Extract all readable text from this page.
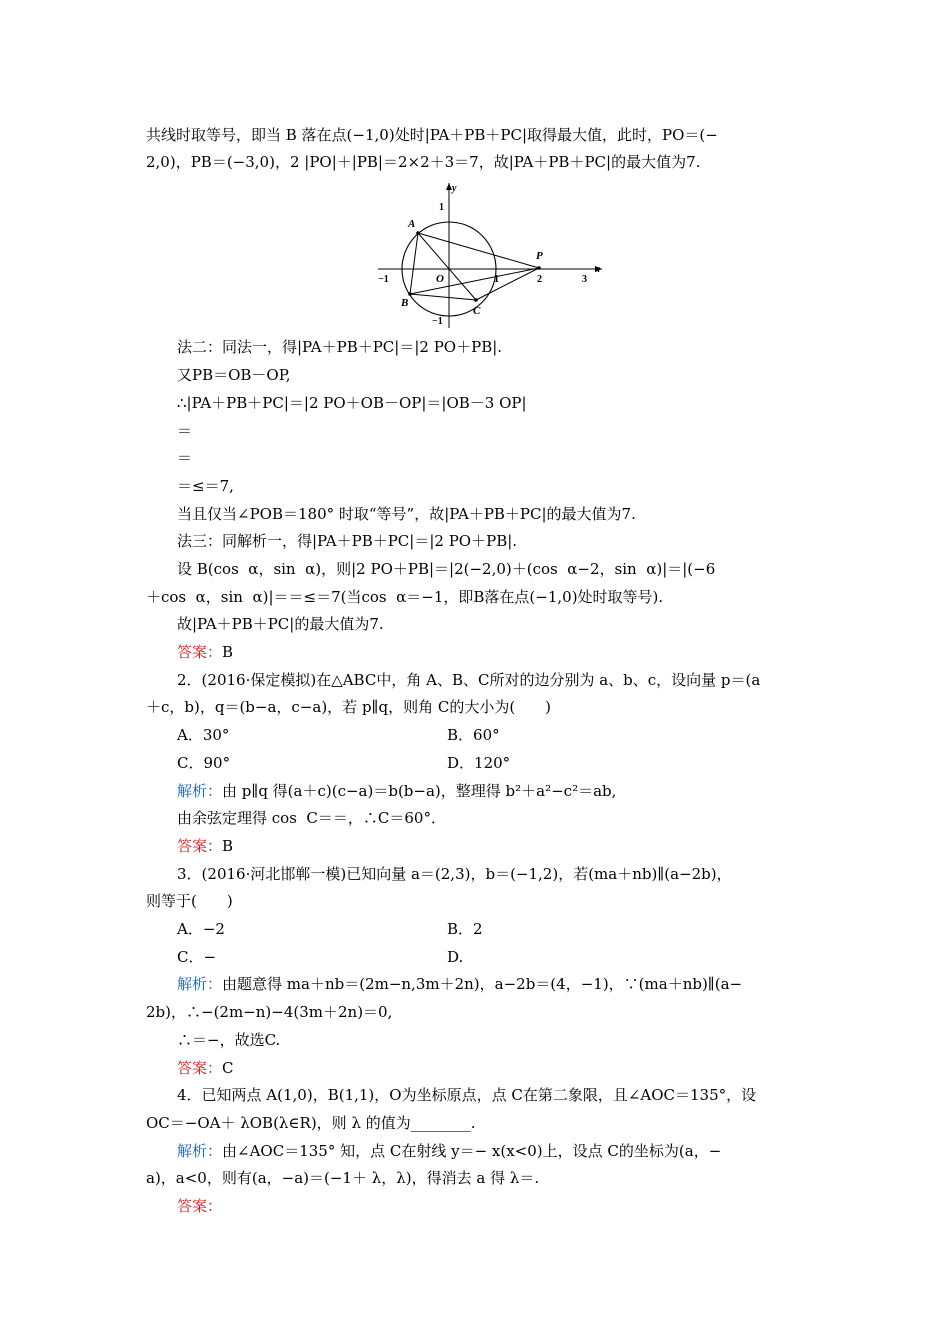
共线时取等号，即当 B 落在点(−1,0)处时|PA＋PB＋PC|取得最大值，此时，PO＝(−
2,0)，PB＝(−3,0)，2 |PO|＋|PB|＝2×2＋3＝7，故|PA＋PB＋PC|的最大值为7.
A
B
C
P
O
y
x
−1	1	2	3
1
−1
法二：同法一，得|PA＋PB＋PC|＝|2 PO＋PB|.
又PB＝OB－OP,
∴|PA＋PB＋PC|＝|2 PO＋OB－OP|＝|OB－3 OP|
＝
＝
＝≤＝7,
当且仅当∠POB＝180° 时取“等号”，故|PA＋PB＋PC|的最大值为7.
法三：同解析一，得|PA＋PB＋PC|＝|2 PO＋PB|.
设 B(cos  α，sin  α)，则|2 PO＋PB|＝|2(−2,0)＋(cos  α−2，sin  α)|＝|(−6
＋cos  α，sin  α)|＝＝≤＝7(当cos  α＝−1，即B落在点(−1,0)处时取等号).
故|PA＋PB＋PC|的最大值为7.
答案：B
2．(2016·保定模拟)在△ABC中，角 A、B、C所对的边分别为 a、b、c，设向量 p＝(a
＋c，b)，q＝(b−a，c−a)，若 p∥q，则角 C的大小为(　　)
A．30°	B．60°
C．90°	D．120°
解析：由 p∥q 得(a＋c)(c−a)＝b(b−a)，整理得 b²＋a²−c²＝ab,
由余弦定理得 cos  C＝＝，∴C＝60°．
答案：B
3．(2016·河北邯郸一模)已知向量 a＝(2,3)，b＝(−1,2)，若(ma＋nb)∥(a−2b)，
则等于(　　)
A．−2	B．2
C．−	D.
解析：由题意得 ma＋nb＝(2m−n,3m＋2n)，a−2b＝(4，−1)，∵(ma＋nb)∥(a−
2b)，∴−(2m−n)−4(3m＋2n)＝0,
∴＝−，故选C.
答案：C
4．已知两点 A(1,0)，B(1,1)，O为坐标原点，点 C在第二象限，且∠AOC＝135°，设
OC＝−OA＋ λOB(λ∈R)，则 λ 的值为________.
解析：由∠AOC＝135° 知，点 C在射线 y＝− x(x<0)上，设点 C的坐标为(a，−
a)，a<0，则有(a，−a)＝(−1＋ λ，λ)，得消去 a 得 λ＝.
答案：
